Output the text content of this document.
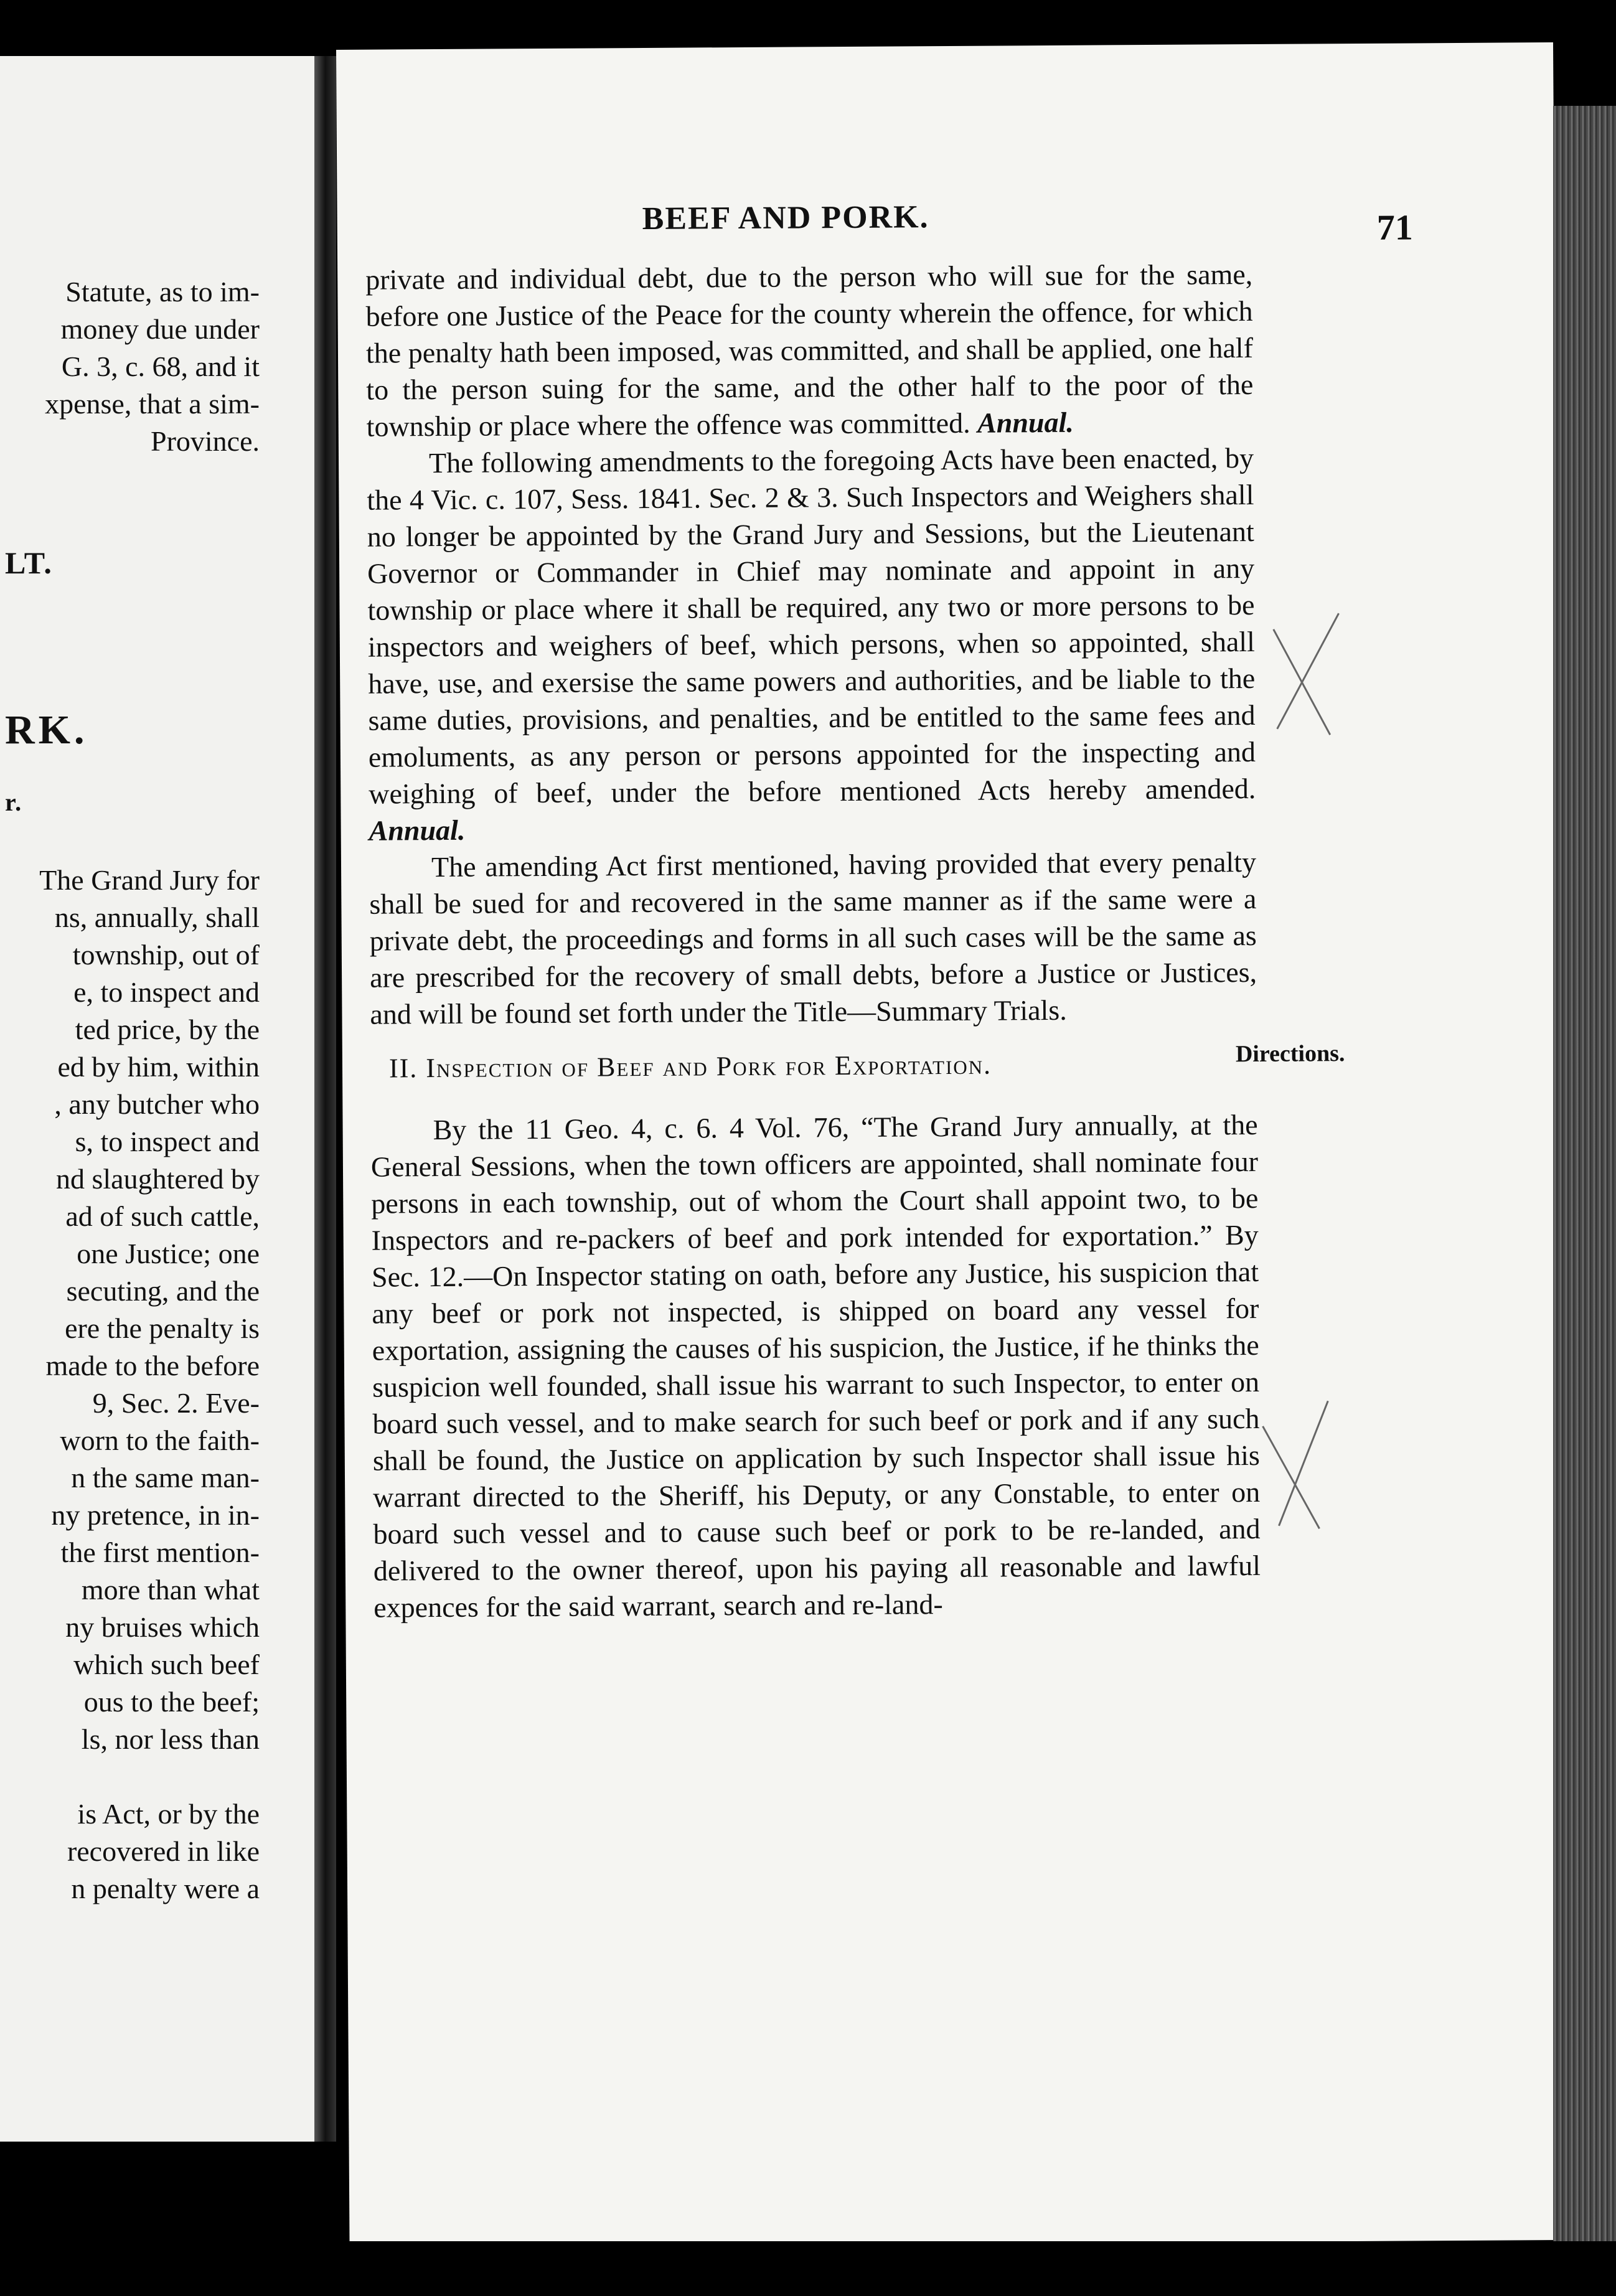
Statute, as to im-
money due under
G. 3, c. 68, and it
xpense, that a sim-
Province.
LT.
RK.
r.
The Grand Jury for
ns, annually, shall
township, out of
e, to inspect and
ted price, by the
ed by him, within
, any butcher who
s, to inspect and
nd slaughtered by
ad of such cattle,
one Justice; one
secuting, and the
ere the penalty is
made to the before
9, Sec. 2. Eve-
worn to the faith-
n the same man-
ny pretence, in in-
the first mention-
more than what
ny bruises which
which such beef
ous to the beef;
ls, nor less than
is Act, or by the
recovered in like
n penalty were a
BEEF AND PORK.	71

private and individual debt, due to the person who will sue for the same, before one Justice of the Peace for the county wherein the offence, for which the penalty hath been imposed, was committed, and shall be applied, one half to the person suing for the same, and the other half to the poor of the township or place where the offence was committed. Annual.

The following amendments to the foregoing Acts have been enacted, by the 4 Vic. c. 107, Sess. 1841. Sec. 2 & 3. Such Inspectors and Weighers shall no longer be appointed by the Grand Jury and Sessions, but the Lieutenant Governor or Commander in Chief may nominate and appoint in any township or place where it shall be required, any two or more persons to be inspectors and weighers of beef, which persons, when so appointed, shall have, use, and exersise the same powers and authorities, and be liable to the same duties, provisions, and penalties, and be entitled to the same fees and emoluments, as any person or persons appointed for the inspecting and weighing of beef, under the before mentioned Acts hereby amended. Annual.

The amending Act first mentioned, having provided that every penalty shall be sued for and recovered in the same manner as if the same were a private debt, the proceedings and forms in all such cases will be the same as are prescribed for the recovery of small debts, before a Justice or Justices, and will be found set forth under the Title—Summary Trials.

II. Inspection of Beef and Pork for Exportation.

By the 11 Geo. 4, c. 6. 4 Vol. 76, “The Grand Jury annually, at the General Sessions, when the town officers are appointed, shall nominate four persons in each township, out of whom the Court shall appoint two, to be Inspectors and re-packers of beef and pork intended for exportation.” By Sec. 12.—On Inspector stating on oath, before any Justice, his suspicion that any beef or pork not inspected, is shipped on board any vessel for exportation, assigning the causes of his suspicion, the Justice, if he thinks the suspicion well founded, shall issue his warrant to such Inspector, to enter on board such vessel, and to make search for such beef or pork and if any such shall be found, the Justice on application by such Inspector shall issue his warrant directed to the Sheriff, his Deputy, or any Constable, to enter on board such vessel and to cause such beef or pork to be re-landed, and delivered to the owner thereof, upon his paying all reasonable and lawful expences for the said warrant, search and re-land-

Directions.
